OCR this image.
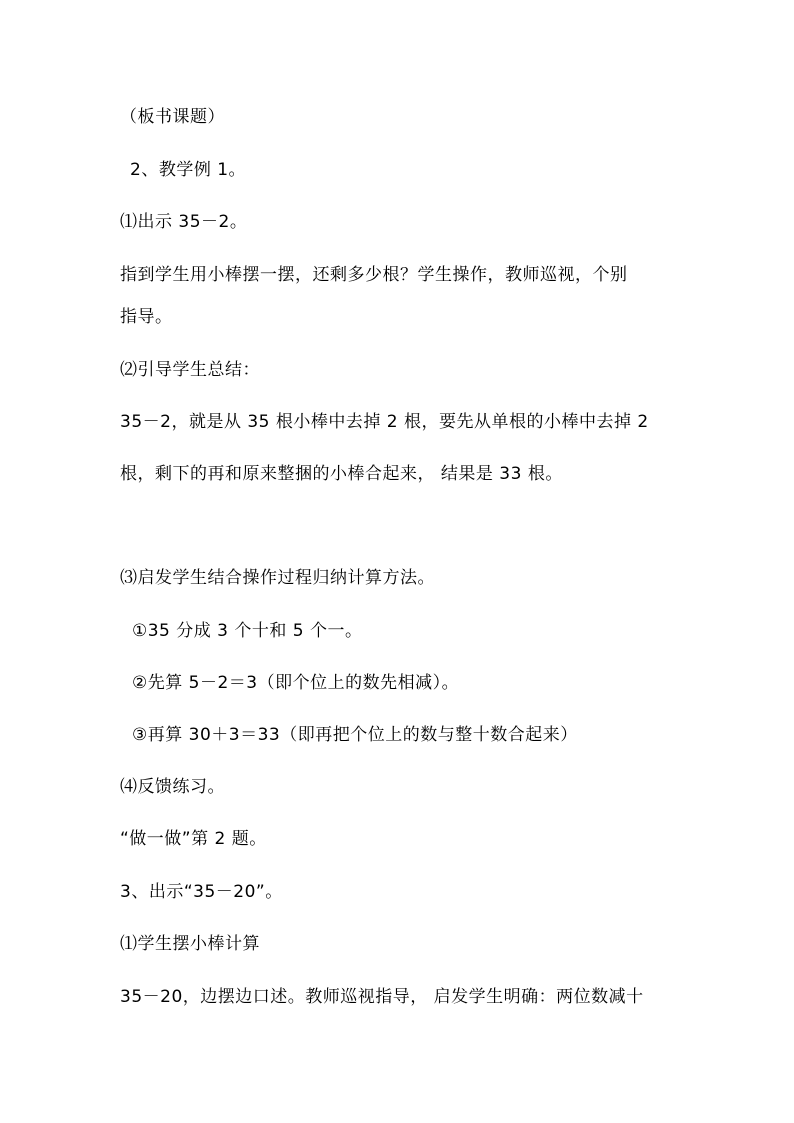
（板书课题）
2、教学例 1。
⑴出示 35－2。
指到学生用小棒摆一摆，还剩多少根？学生操作，教师巡视，个别
指导。
⑵引导学生总结：
35－2，就是从 35 根小棒中去掉 2 根，要先从单根的小棒中去掉 2
根，剩下的再和原来整捆的小棒合起来， 结果是 33 根。
⑶启发学生结合操作过程归纳计算方法。
①35 分成 3 个十和 5 个一。
②先算 5－2＝3（即个位上的数先相减）。
③再算 30＋3＝33（即再把个位上的数与整十数合起来）
⑷反馈练习。
“做一做”第 2 题。
3、出示“35－20”。
⑴学生摆小棒计算
35－20，边摆边口述。教师巡视指导， 启发学生明确：两位数减十
